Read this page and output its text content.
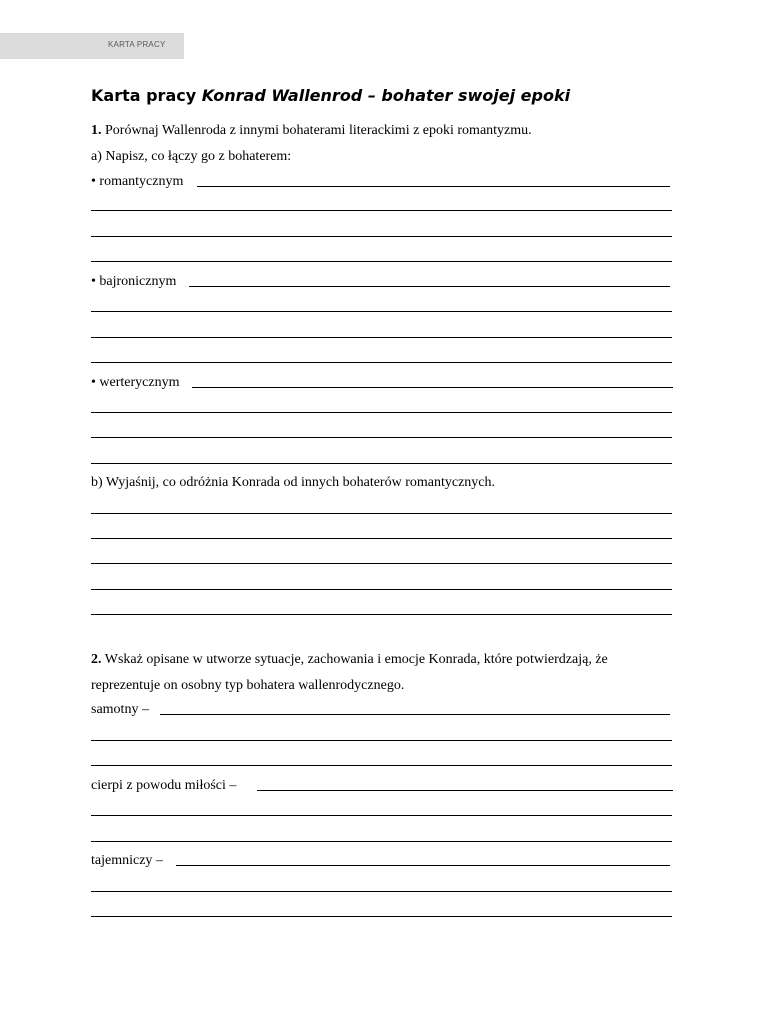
KARTA PRACY
Karta pracy Konrad Wallenrod – bohater swojej epoki
1. Porównaj Wallenroda z innymi bohaterami literackimi z epoki romantyzmu.
a) Napisz, co łączy go z bohaterem:
• romantycznym
• bajronicznym
• werterycznym
b) Wyjaśnij, co odróżnia Konrada od innych bohaterów romantycznych.
2. Wskaż opisane w utworze sytuacje, zachowania i emocje Konrada, które potwierdzają, że
reprezentuje on osobny typ bohatera wallenrodycznego.
samotny –
cierpi z powodu miłości –
tajemniczy –
